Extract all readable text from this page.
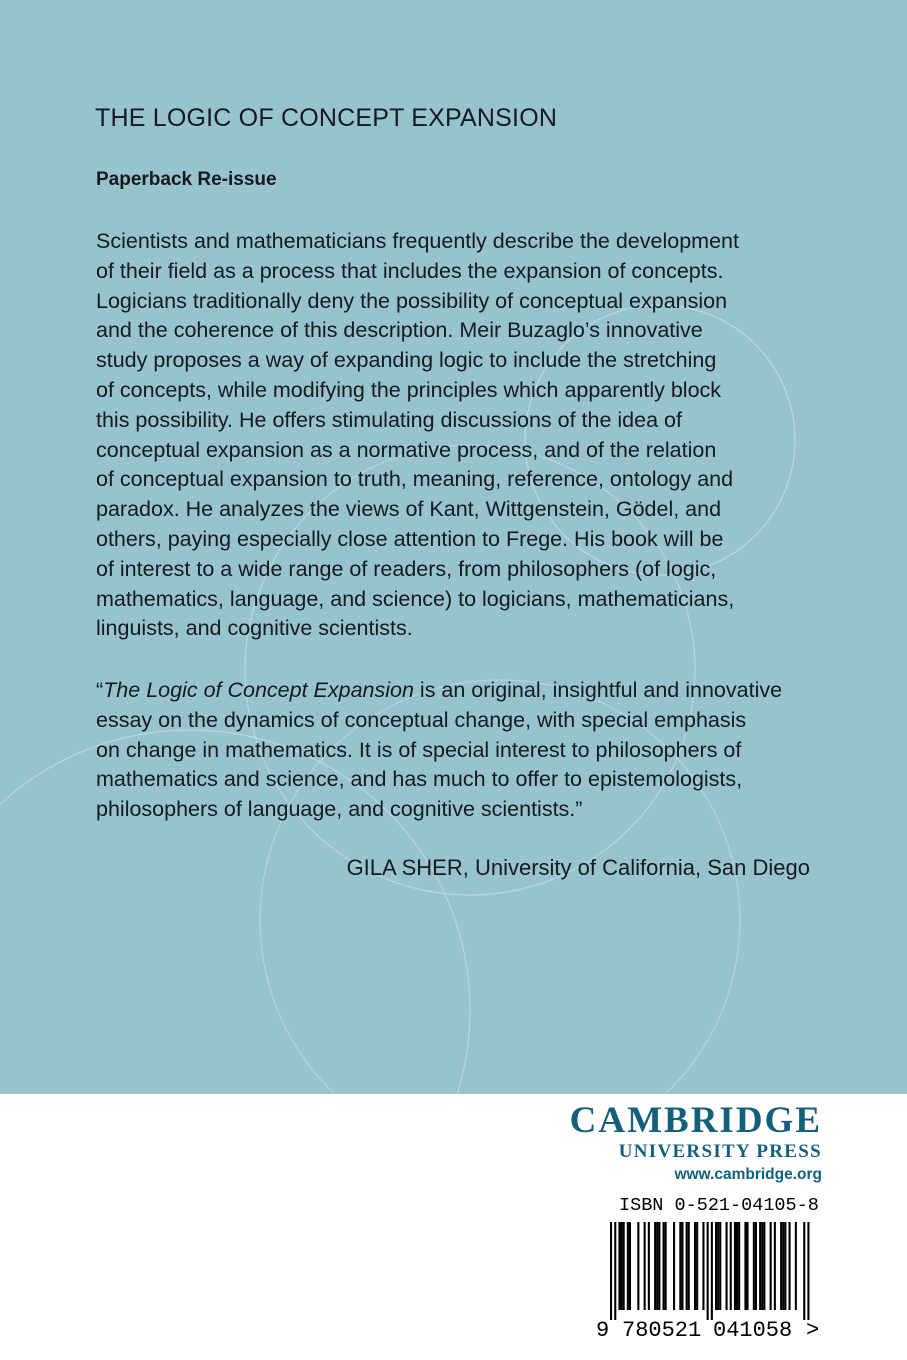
THE LOGIC OF CONCEPT EXPANSION
Paperback Re-issue
Scientists and mathematicians frequently describe the development
of their field as a process that includes the expansion of concepts.
Logicians traditionally deny the possibility of conceptual expansion
and the coherence of this description. Meir Buzaglo’s innovative
study proposes a way of expanding logic to include the stretching
of concepts, while modifying the principles which apparently block
this possibility. He offers stimulating discussions of the idea of
conceptual expansion as a normative process, and of the relation
of conceptual expansion to truth, meaning, reference, ontology and
paradox. He analyzes the views of Kant, Wittgenstein, Gödel, and
others, paying especially close attention to Frege. His book will be
of interest to a wide range of readers, from philosophers (of logic,
mathematics, language, and science) to logicians, mathematicians,
linguists, and cognitive scientists.
“The Logic of Concept Expansion is an original, insightful and innovative
essay on the dynamics of conceptual change, with special emphasis
on change in mathematics. It is of special interest to philosophers of
mathematics and science, and has much to offer to epistemologists,
philosophers of language, and cognitive scientists.”
GILA SHER, University of California, San Diego
CAMBRIDGE
UNIVERSITY PRESS
www.cambridge.org
ISBN 0-521-04105-8
9 780521 041058 >
